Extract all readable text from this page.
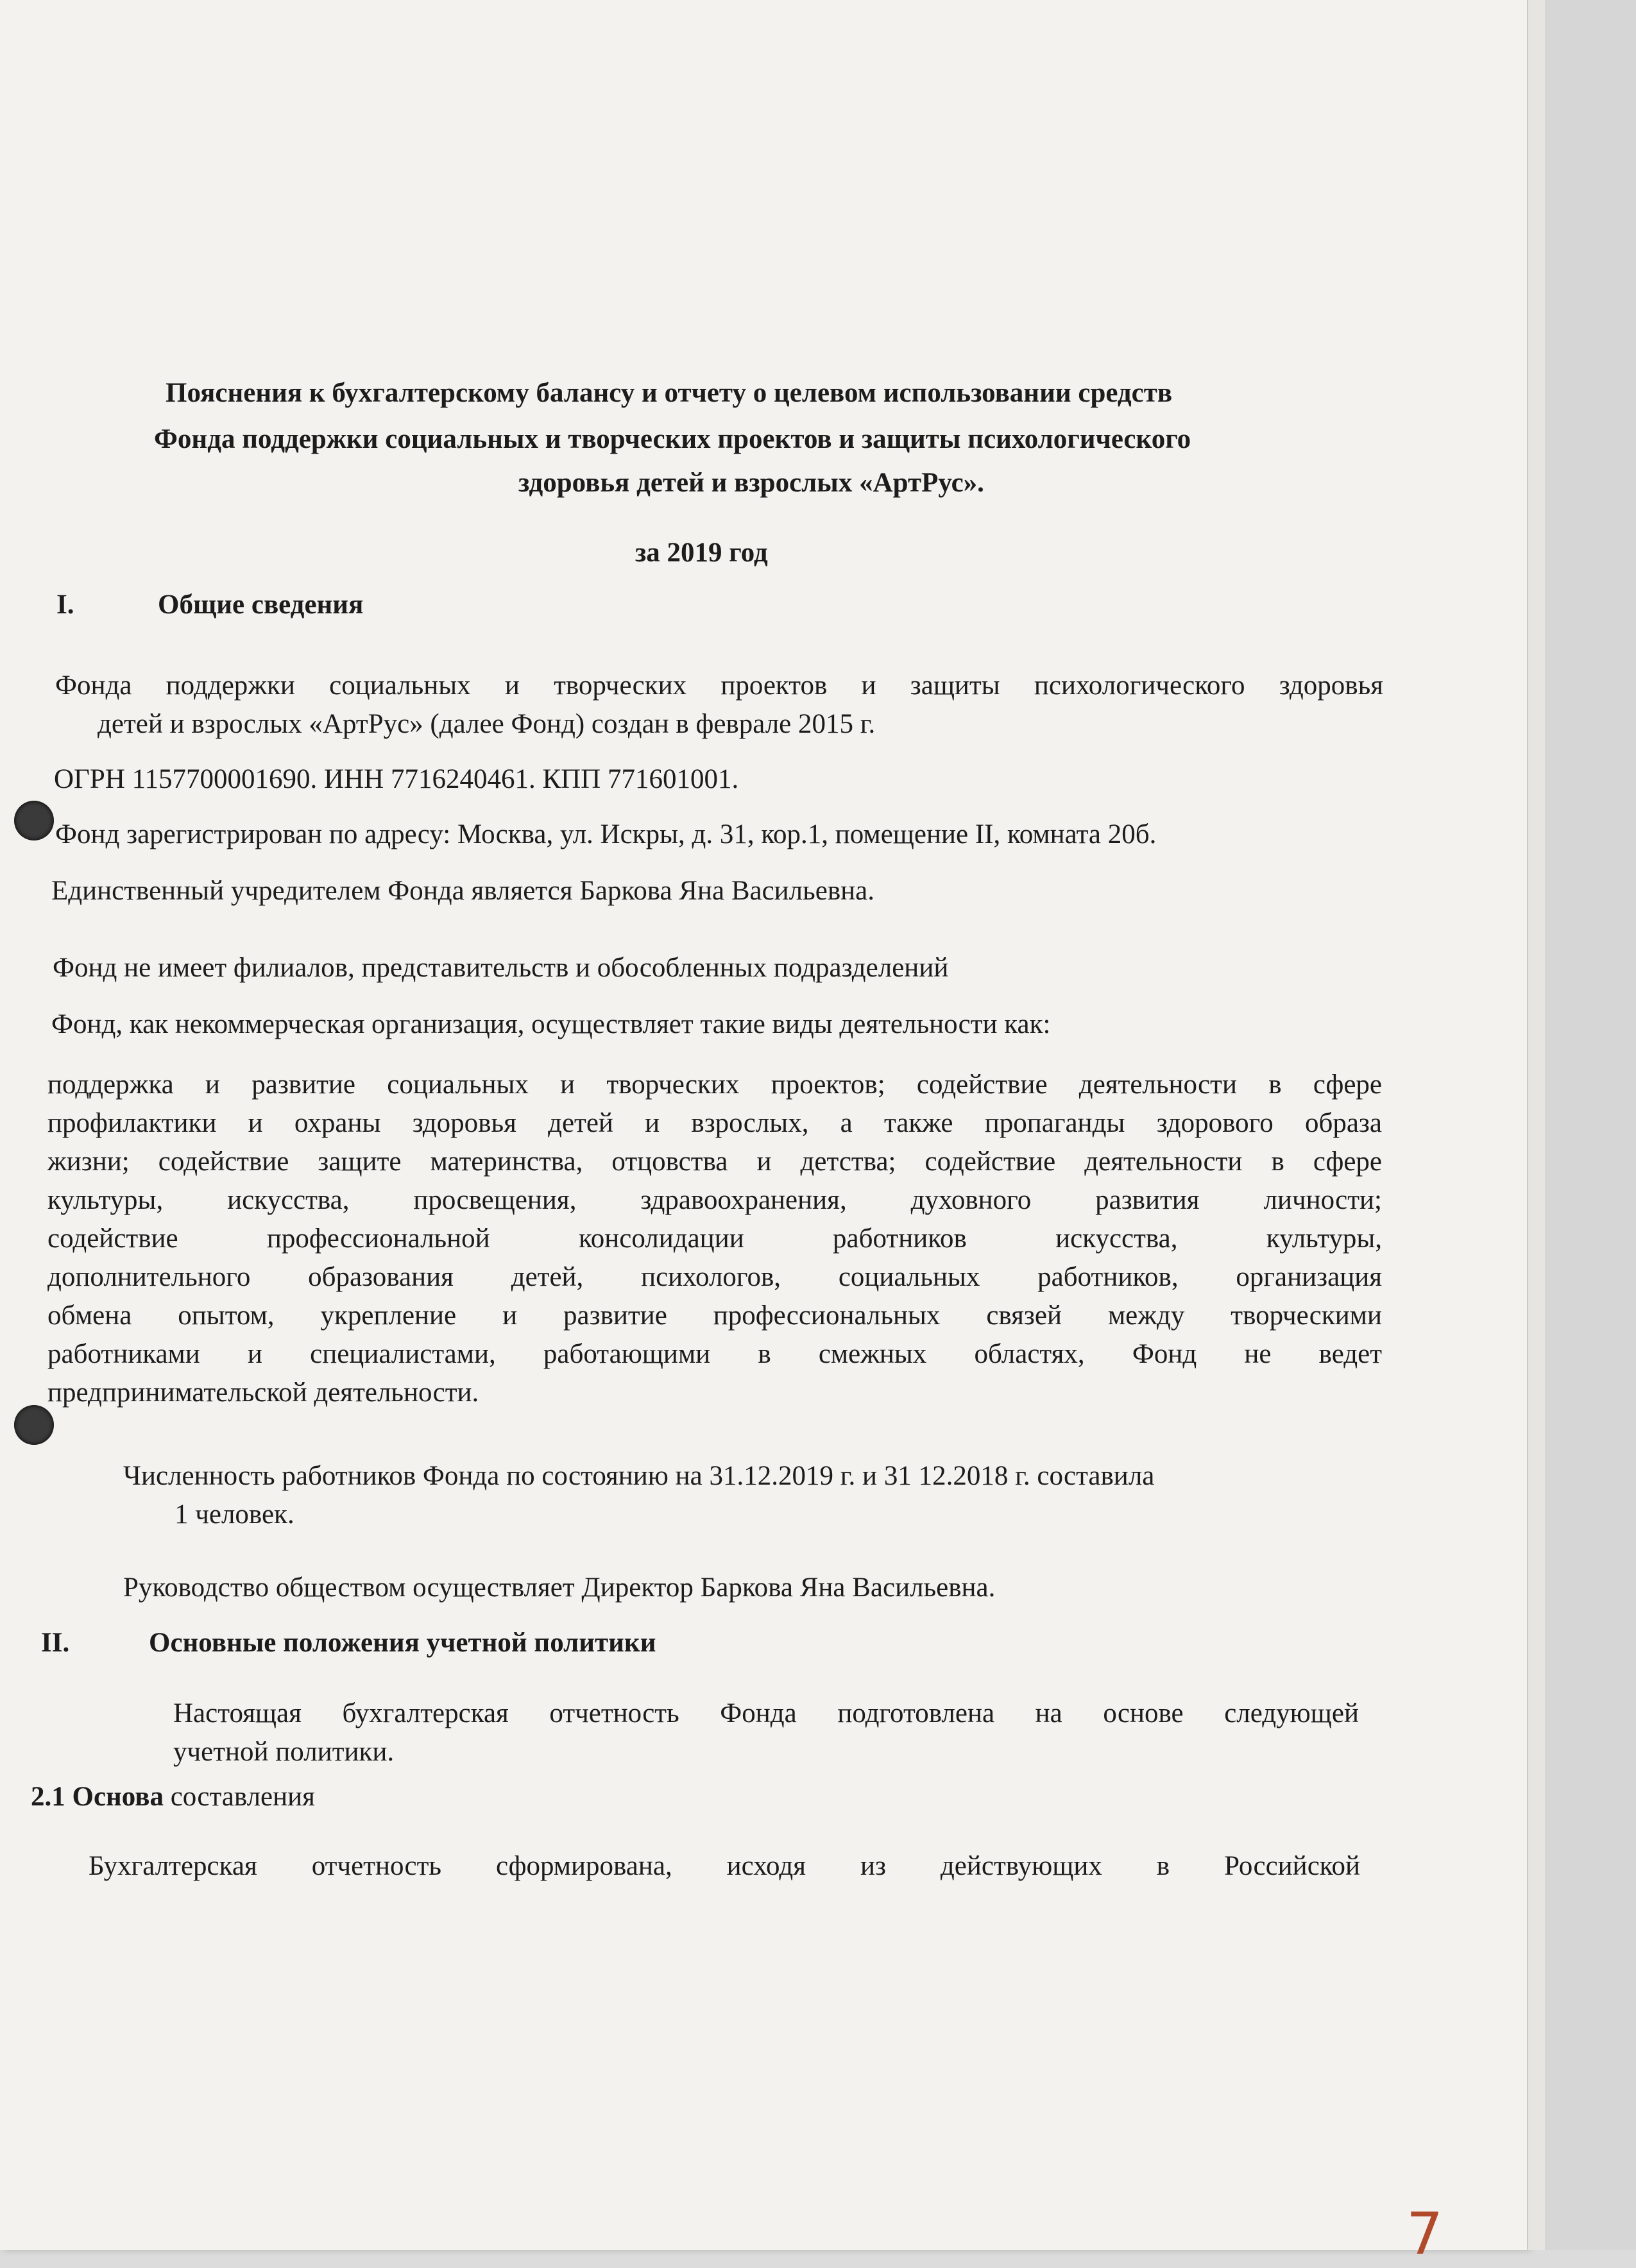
Пояснения к бухгалтерскому балансу и отчету о целевом использовании средств
Фонда поддержки социальных и творческих проектов и защиты психологического
здоровья детей и взрослых «АртРус».
за 2019 год
I.	Общие сведения
Фонда поддержки социальных и творческих проектов и защиты психологического здоровья
детей и взрослых «АртРус» (далее Фонд) создан в феврале 2015 г.
ОГРН 1157700001690. ИНН 7716240461. КПП 771601001.
Фонд зарегистрирован по адресу: Москва, ул. Искры, д. 31, кор.1, помещение II, комната 20б.
Единственный учредителем Фонда является Баркова Яна Васильевна.
Фонд не имеет филиалов, представительств и обособленных подразделений
Фонд, как некоммерческая организация, осуществляет такие виды деятельности как:
поддержка и развитие социальных и творческих проектов; содействие деятельности в сфере
профилактики и охраны здоровья детей и взрослых, а также пропаганды здорового образа
жизни; содействие защите материнства, отцовства и детства; содействие деятельности в сфере
культуры, искусства, просвещения, здравоохранения, духовного развития личности;
содействие профессиональной консолидации работников искусства, культуры,
дополнительного образования детей, психологов, социальных работников, организация
обмена опытом, укрепление и развитие профессиональных связей между творческими
работниками и специалистами, работающими в смежных областях, Фонд не ведет
предпринимательской деятельности.
Численность работников Фонда по состоянию на 31.12.2019 г. и 31 12.2018 г. составила
1 человек.
Руководство обществом осуществляет Директор Баркова Яна Васильевна.
II.	Основные положения учетной политики
Настоящая бухгалтерская отчетность Фонда подготовлена на основе следующей
учетной политики.
2.1 Основа составления
Бухгалтерская отчетность сформирована, исходя из действующих в Российской
7
